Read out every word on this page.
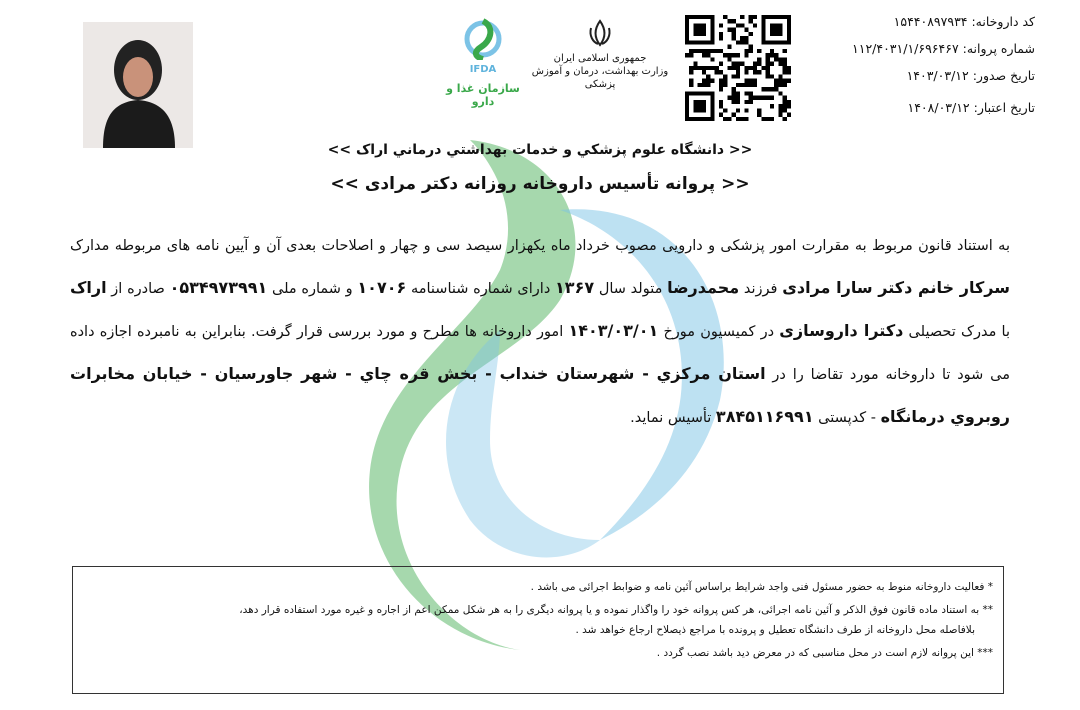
IFDA
سازمان غذا و دارو
جمهوری اسلامی ایران
وزارت بهداشت، درمان و آموزش پزشکی
کد داروخانه: ۱۵۴۴۰۸۹۷۹۳۴
شماره پروانه: ۱۱۲/۴۰۳۱/۱/۶۹۶۴۶۷
تاریخ صدور: ۱۴۰۳/۰۳/۱۲
تاریخ اعتبار: ۱۴۰۸/۰۳/۱۲
<< دانشگاه علوم پزشکي و خدمات بهداشتي درماني اراک >>
<< پروانه تأسیس داروخانه روزانه دکتر مرادی >>
به استناد قانون مربوط به مقرارت امور پزشکی و دارویی مصوب خرداد ماه یکهزار سیصد سی و چهار و اصلاحات بعدی آن و آیین نامه های مربوطه مدارک سرکار خانم دکتر سارا مرادی فرزند محمدرضا متولد سال ۱۳۶۷ دارای شماره شناسنامه ۱۰۷۰۶ و شماره ملی ۰۵۳۴۹۷۳۹۹۱ صادره از اراک با مدرک تحصیلی دکترا داروسازی در کمیسیون مورخ ۱۴۰۳/۰۳/۰۱ امور داروخانه ها مطرح و مورد بررسی قرار گرفت. بنابراین به نامبرده اجازه داده می شود تا داروخانه مورد تقاضا را در استان مركزي - شهرستان خنداب - بخش قره چاي - شهر جاورسیان - خیابان مخابرات روبروي درمانگاه - کدپستی ۳۸۴۵۱۱۶۹۹۱ تأسیس نماید.
* فعالیت داروخانه منوط به حضور مسئول فنی واجد شرایط براساس آئین نامه و ضوابط اجرائی می باشد .
** به استناد ماده قانون فوق الذکر و آئین نامه اجرائی، هر کس پروانه خود را واگذار نموده و یا پروانه دیگری را به هر شکل ممکن اعم از اجاره و غیره مورد استفاده قرار دهد،
بلافاصله محل داروخانه از طرف دانشگاه تعطیل و پرونده با مراجع ذیصلاح ارجاع خواهد شد .
*** این پروانه لازم است در محل مناسبی که در معرض دید باشد نصب گردد .
